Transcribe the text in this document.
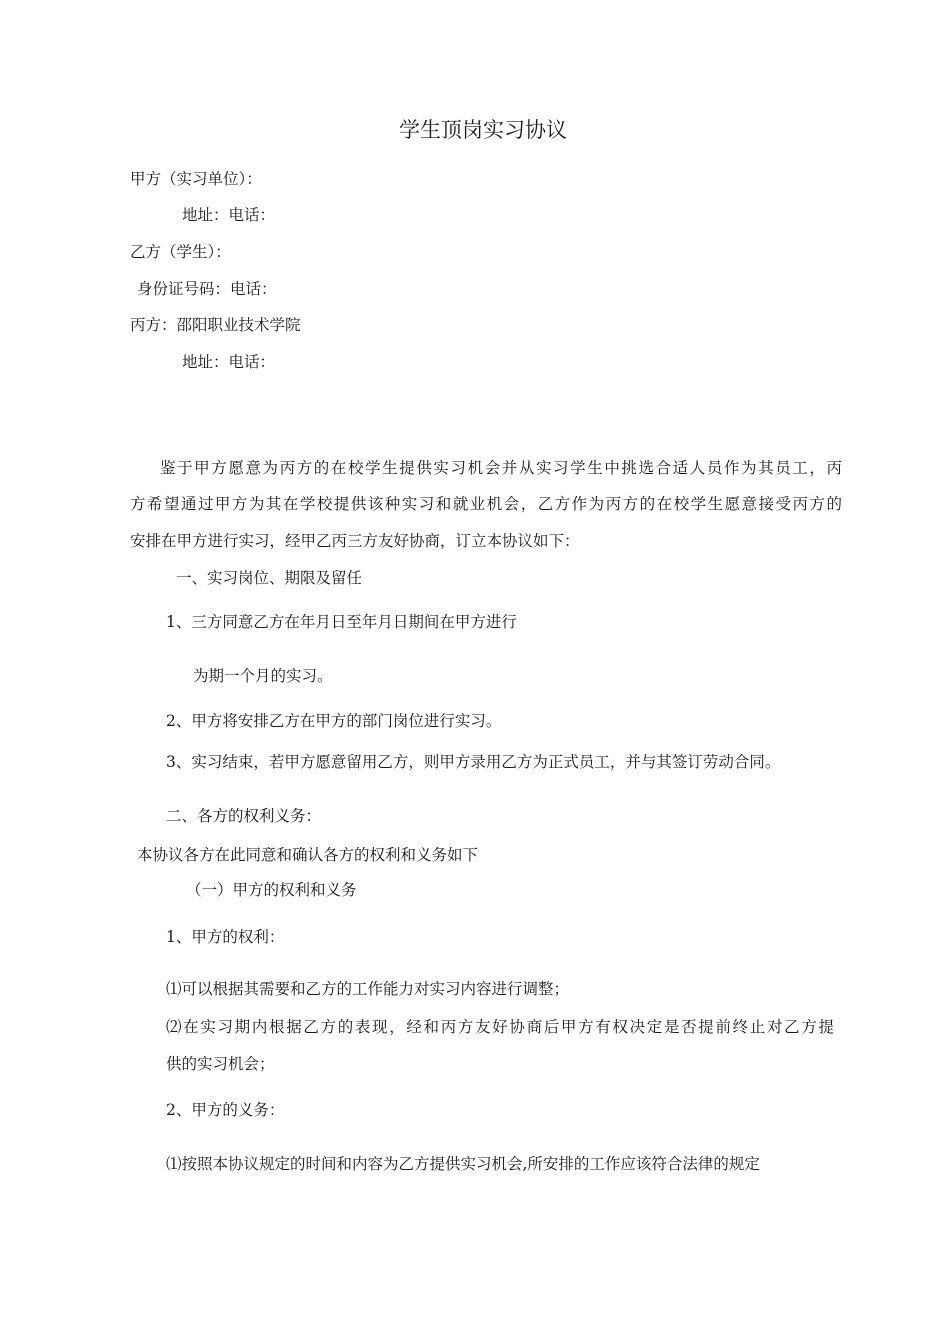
学生顶岗实习协议
甲方（实习单位）：
地址：电话：
乙方（学生）：
身份证号码：电话：
丙方：邵阳职业技术学院
地址：电话：
鉴于甲方愿意为丙方的在校学生提供实习机会并从实习学生中挑选合适人员作为其员工，丙
方希望通过甲方为其在学校提供该种实习和就业机会，乙方作为丙方的在校学生愿意接受丙方的
安排在甲方进行实习，经甲乙丙三方友好协商，订立本协议如下：
一、实习岗位、期限及留任
1、三方同意乙方在年月日至年月日期间在甲方进行
为期一个月的实习。
2、甲方将安排乙方在甲方的部门岗位进行实习。
3、实习结束，若甲方愿意留用乙方，则甲方录用乙方为正式员工，并与其签订劳动合同。
二、各方的权利义务：
本协议各方在此同意和确认各方的权利和义务如下
（一）甲方的权利和义务
1、甲方的权利：
⑴可以根据其需要和乙方的工作能力对实习内容进行调整；
⑵在实习期内根据乙方的表现，经和丙方友好协商后甲方有权决定是否提前终止对乙方提
供的实习机会；
2、甲方的义务：
⑴按照本协议规定的时间和内容为乙方提供实习机会,所安排的工作应该符合法律的规定
